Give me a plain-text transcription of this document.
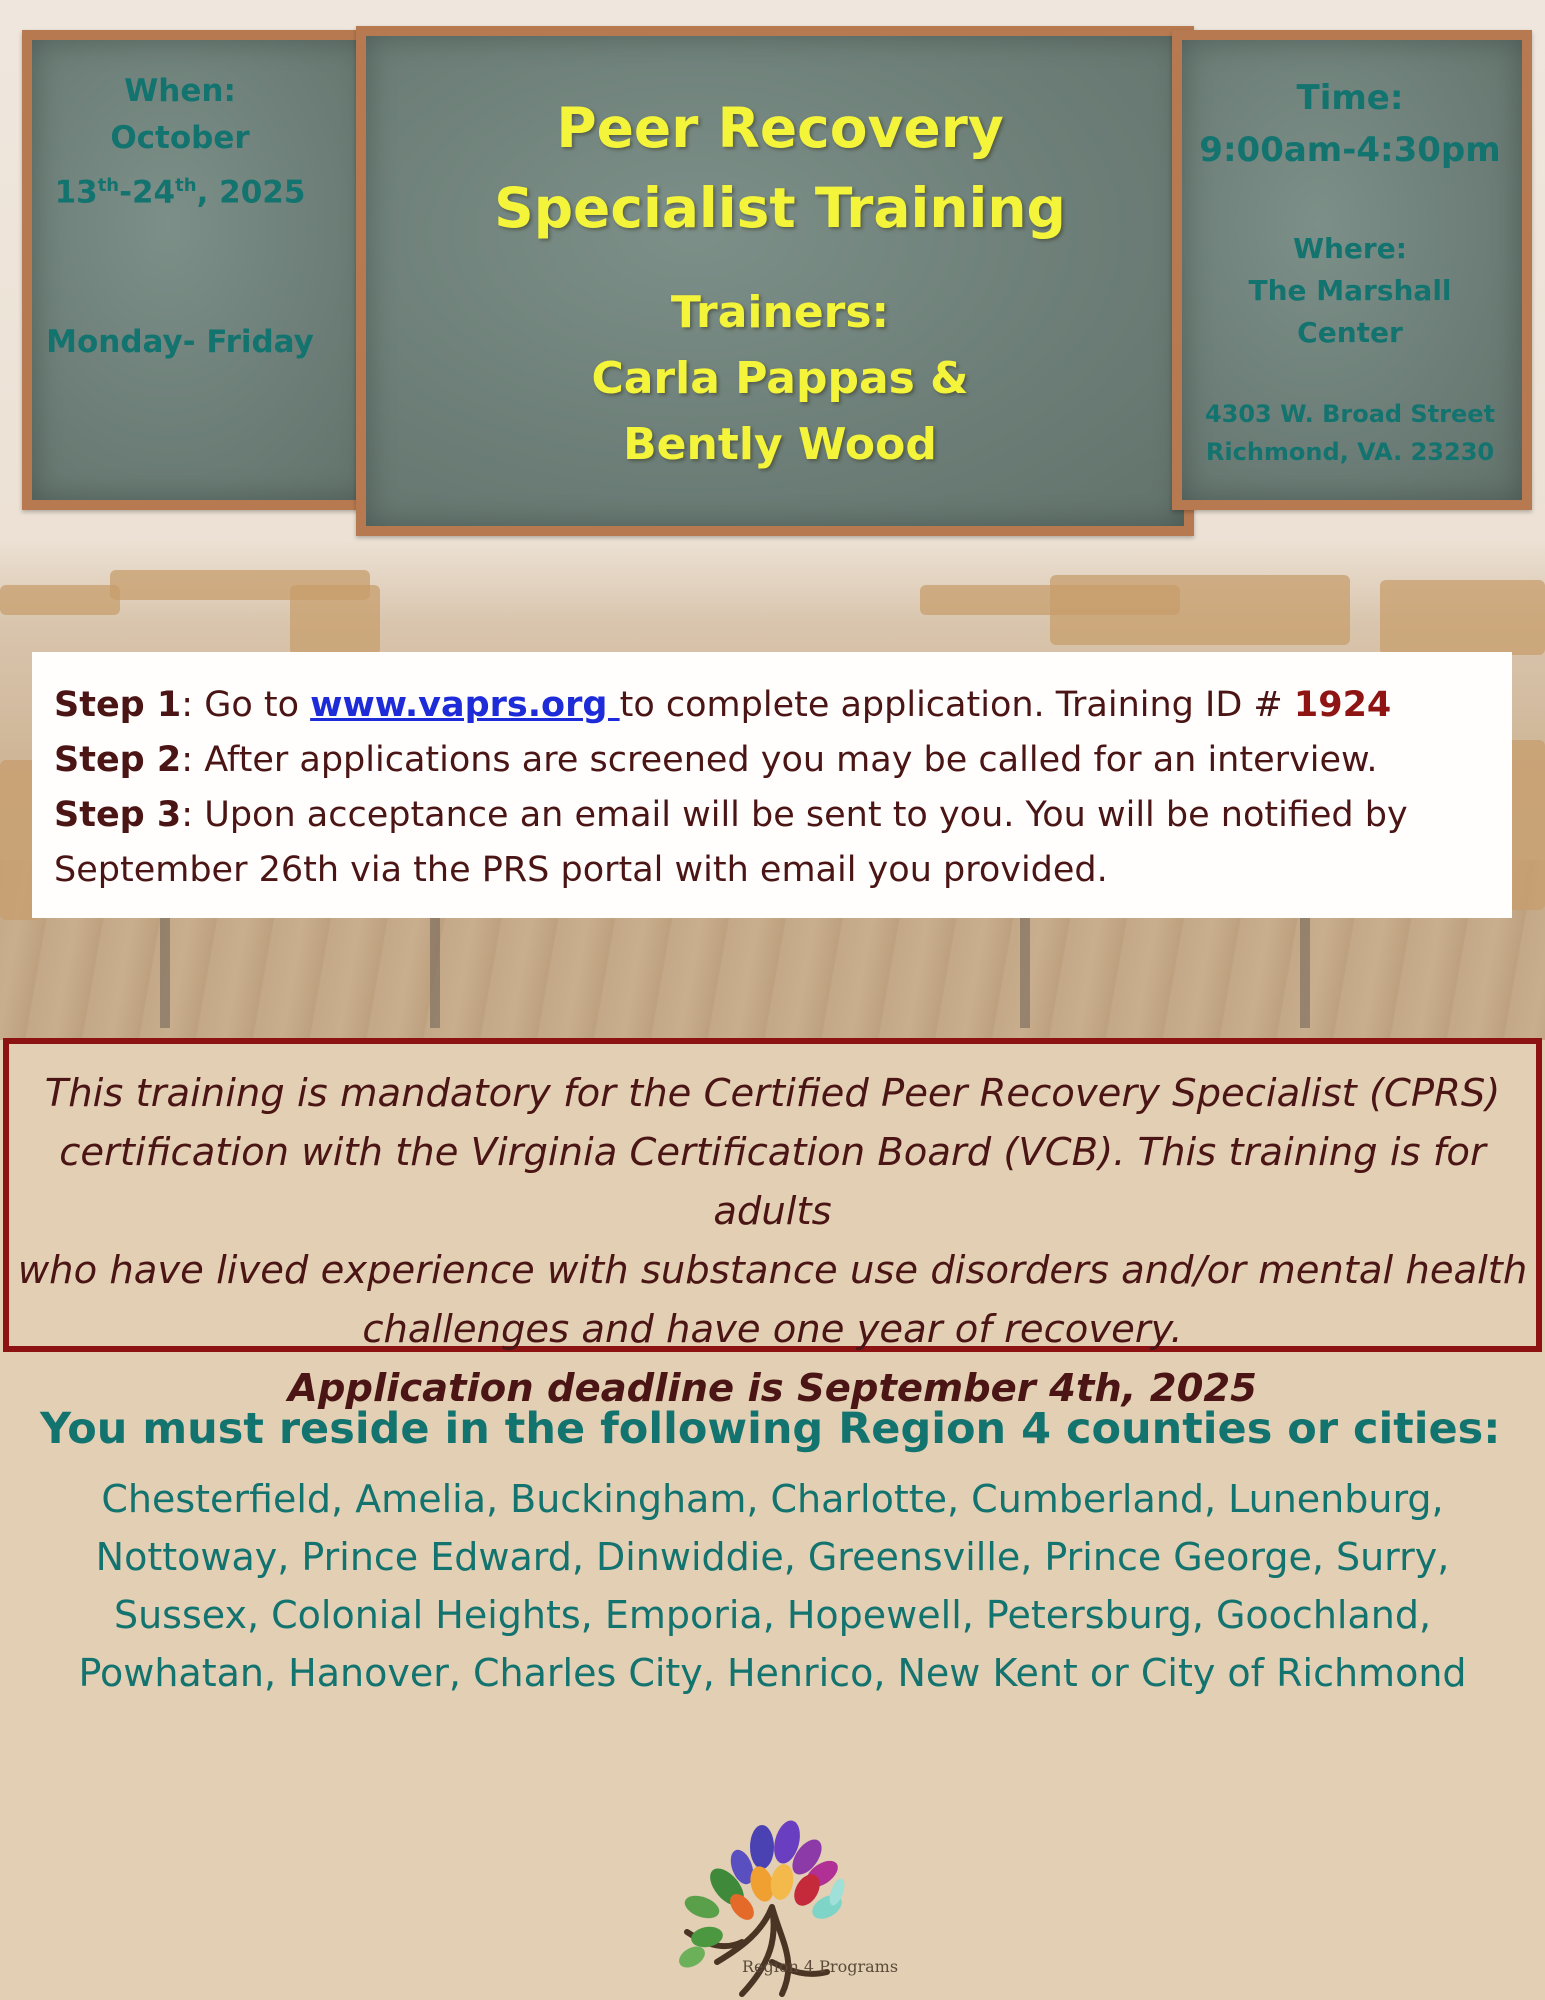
When:
October
13th-24th, 2025
Monday- Friday
Peer Recovery
Specialist Training
Trainers:
Carla Pappas &
Bently Wood
Time:
9:00am-4:30pm
Where:
The Marshall
Center
4303 W. Broad Street
Richmond, VA. 23230
Step 1: Go to www.vaprs.org to complete application. Training ID # 1924
Step 2: After applications are screened you may be called for an interview.
Step 3: Upon acceptance an email will be sent to you. You will be notified by
September 26th via the PRS portal with email you provided.
This training is mandatory for the Certified Peer Recovery Specialist (CPRS)
certification with the Virginia Certification Board (VCB). This training is for adults
who have lived experience with substance use disorders and/or mental health
challenges and have one year of recovery.
Application deadline is September 4th, 2025
You must reside in the following Region 4 counties or cities:
Chesterfield, Amelia, Buckingham, Charlotte, Cumberland, Lunenburg,
Nottoway, Prince Edward, Dinwiddie, Greensville, Prince George, Surry,
Sussex, Colonial Heights, Emporia, Hopewell, Petersburg, Goochland,
Powhatan, Hanover, Charles City, Henrico, New Kent or City of Richmond
Region 4 Programs
